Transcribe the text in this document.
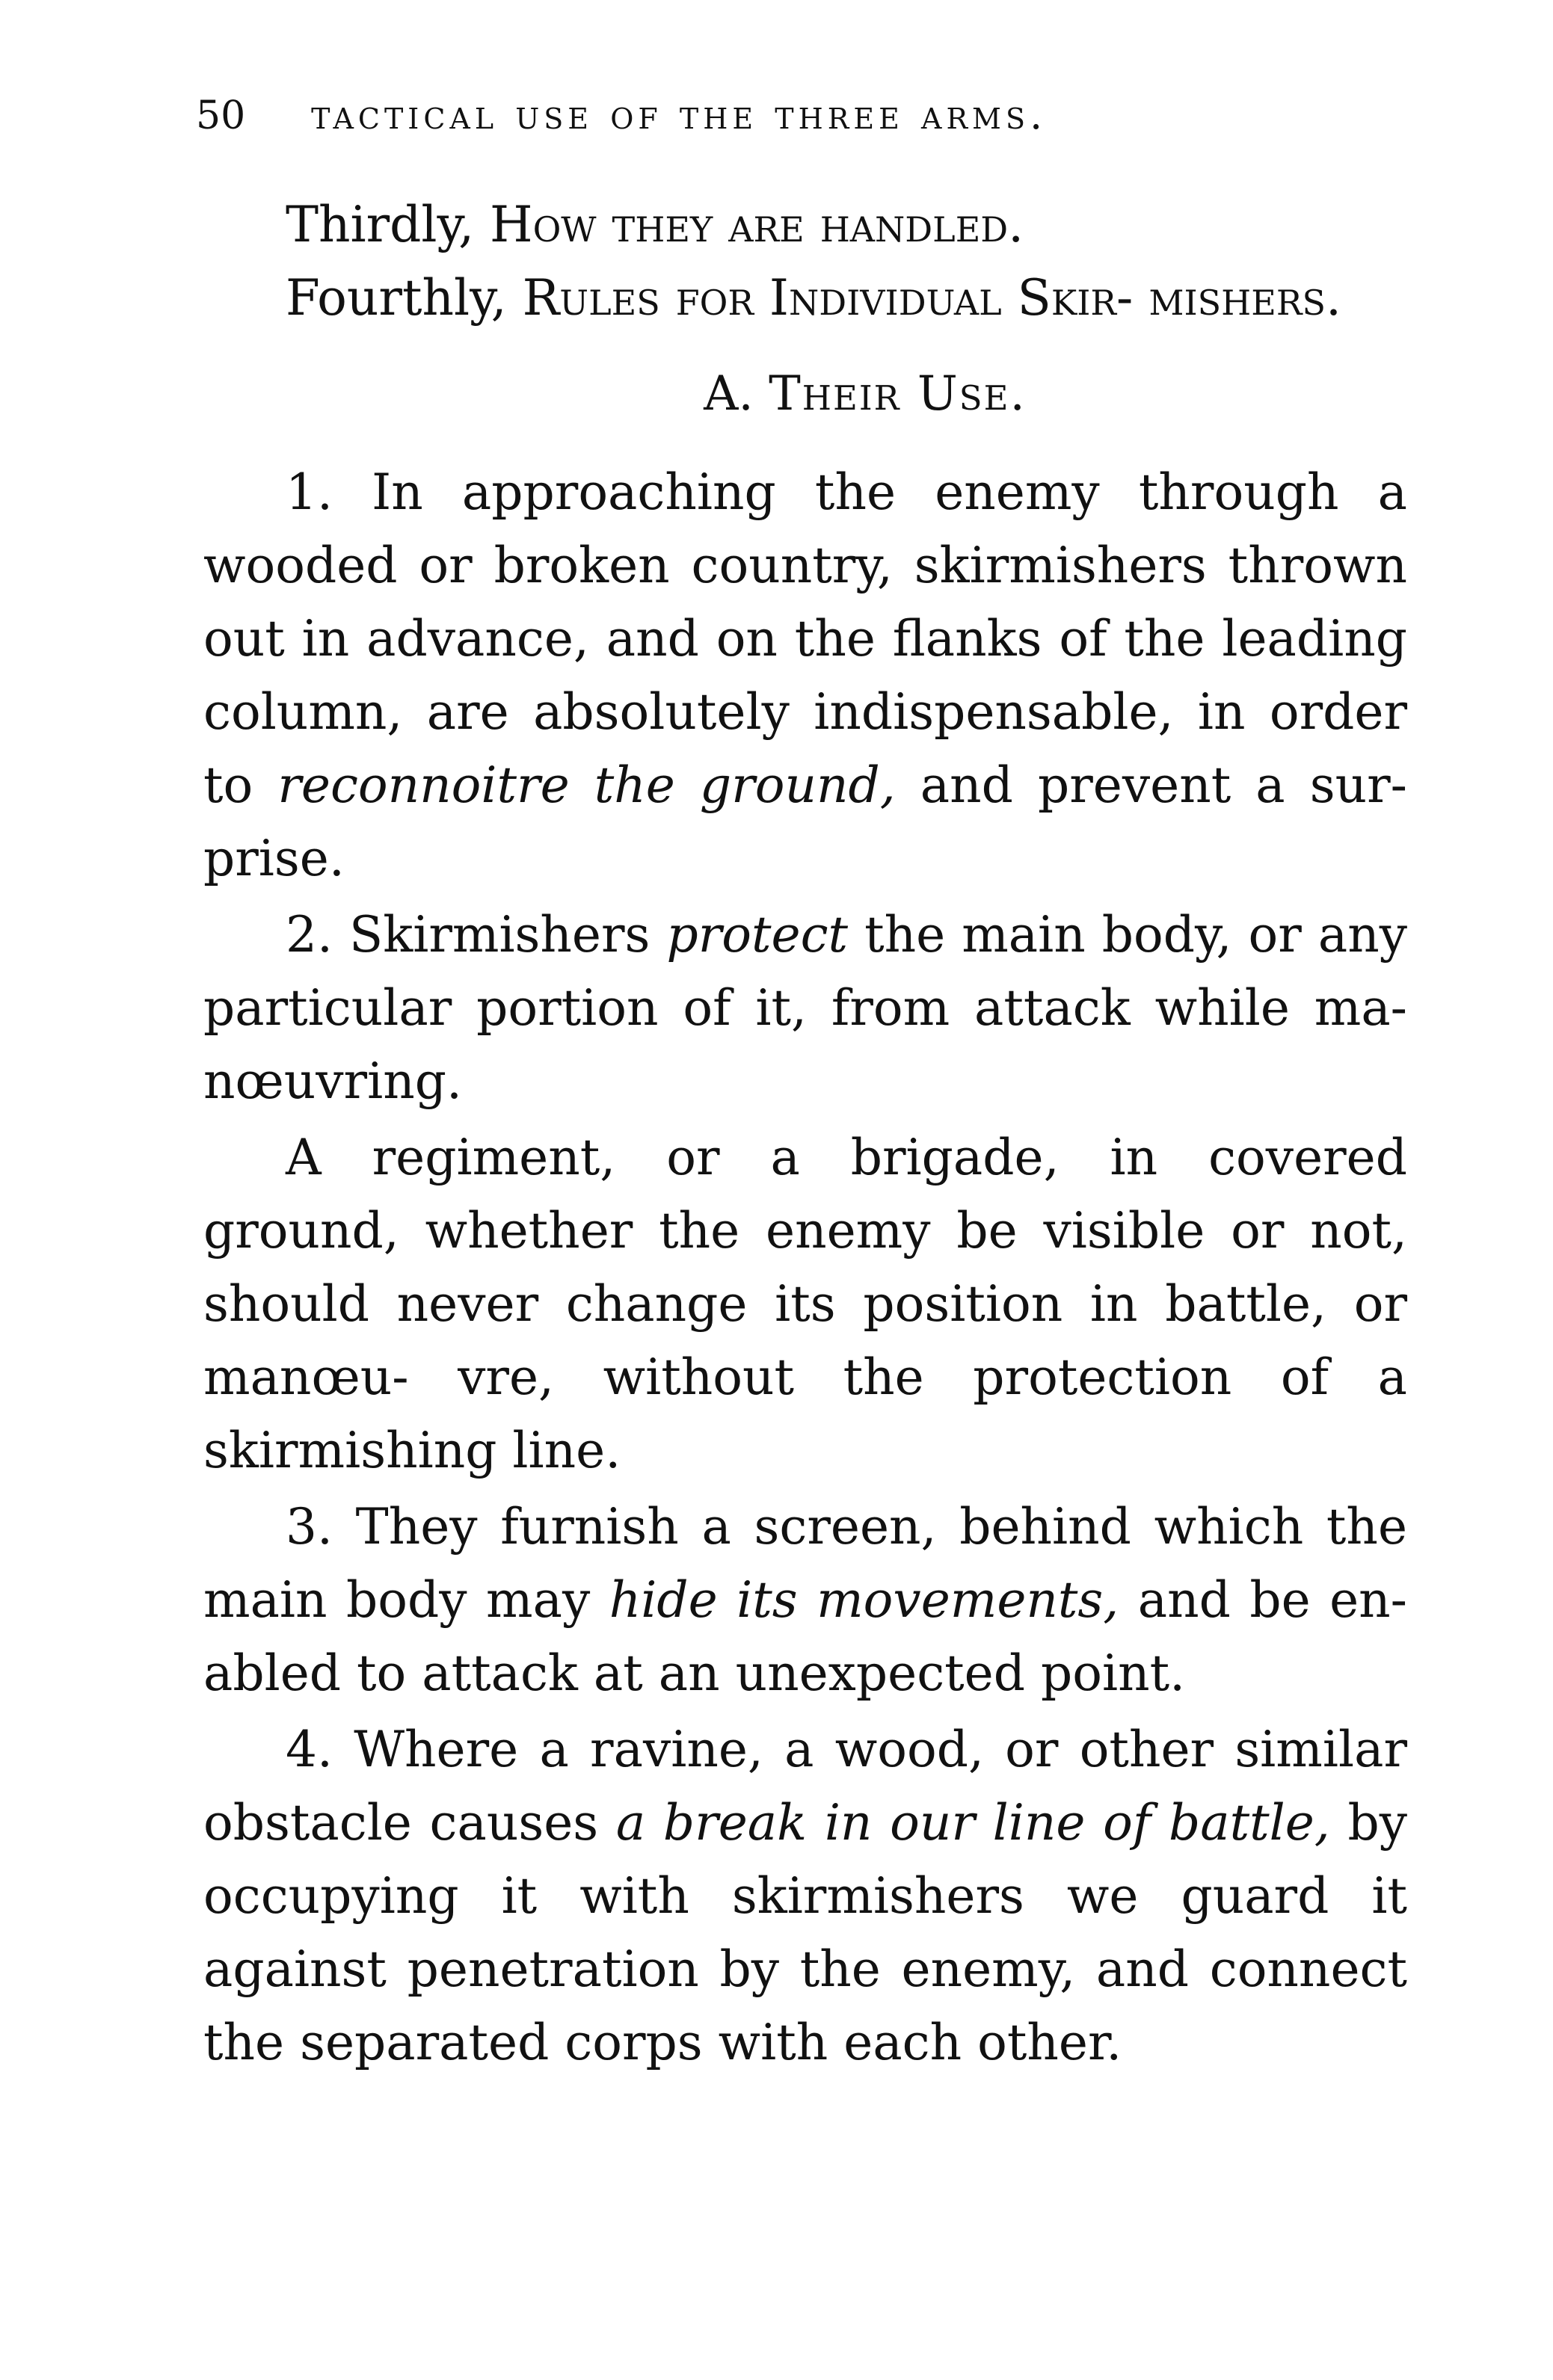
50 tactical use of the three arms.

Thirdly, How they are handled.

Fourthly, Rules for Individual Skir- mishers.

A. Their Use.

1. In approaching the enemy through a wooded or broken country, skirmishers thrown out in advance, and on the flanks of the leading column, are absolutely indispensable, in order to reconnoitre the ground, and prevent a sur- prise.

2. Skirmishers protect the main body, or any particular portion of it, from attack while ma- nœuvring.

A regiment, or a brigade, in covered ground, whether the enemy be visible or not, should never change its position in battle, or manœu- vre, without the protection of a skirmishing line.

3. They furnish a screen, behind which the main body may hide its movements, and be en- abled to attack at an unexpected point.

4. Where a ravine, a wood, or other similar obstacle causes a break in our line of battle, by occupying it with skirmishers we guard it against penetration by the enemy, and connect the separated corps with each other.
